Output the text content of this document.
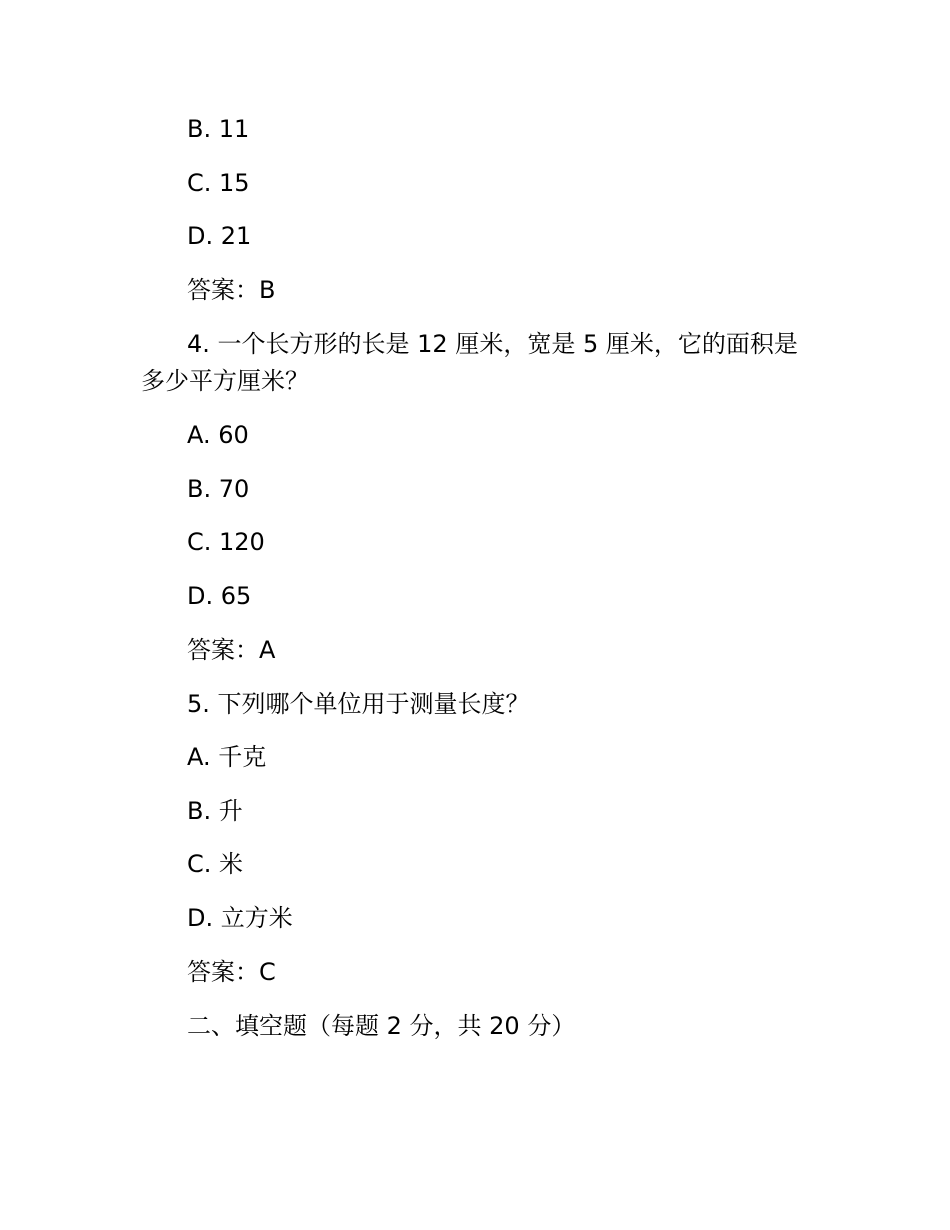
B. 11
C. 15
D. 21
答案：B
4. 一个长方形的长是 12 厘米，宽是 5 厘米，它的面积是
多少平方厘米？
A. 60
B. 70
C. 120
D. 65
答案：A
5. 下列哪个单位用于测量长度？
A. 千克
B. 升
C. 米
D. 立方米
答案：C
二、填空题（每题 2 分，共 20 分）
